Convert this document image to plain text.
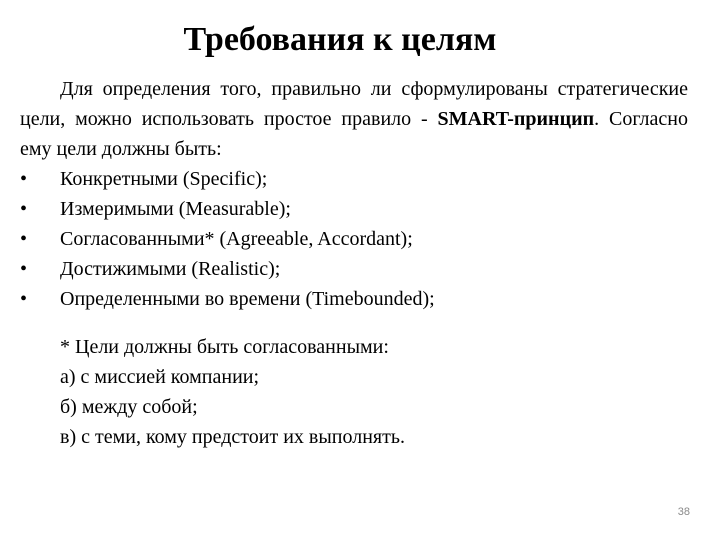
Требования к целям

Для определения того, правильно ли сформулированы стратегические цели, можно использовать простое правило - SMART-принцип. Согласно ему цели должны быть:

• Конкретными (Specific);
• Измеримыми (Measurable);
• Согласованными* (Agreeable, Accordant);
• Достижимыми (Realistic);
• Определенными во времени (Timebounded);
* Цели должны быть согласованными:
а) с миссией компании;
б) между собой;
в) с теми, кому предстоит их выполнять.
38
